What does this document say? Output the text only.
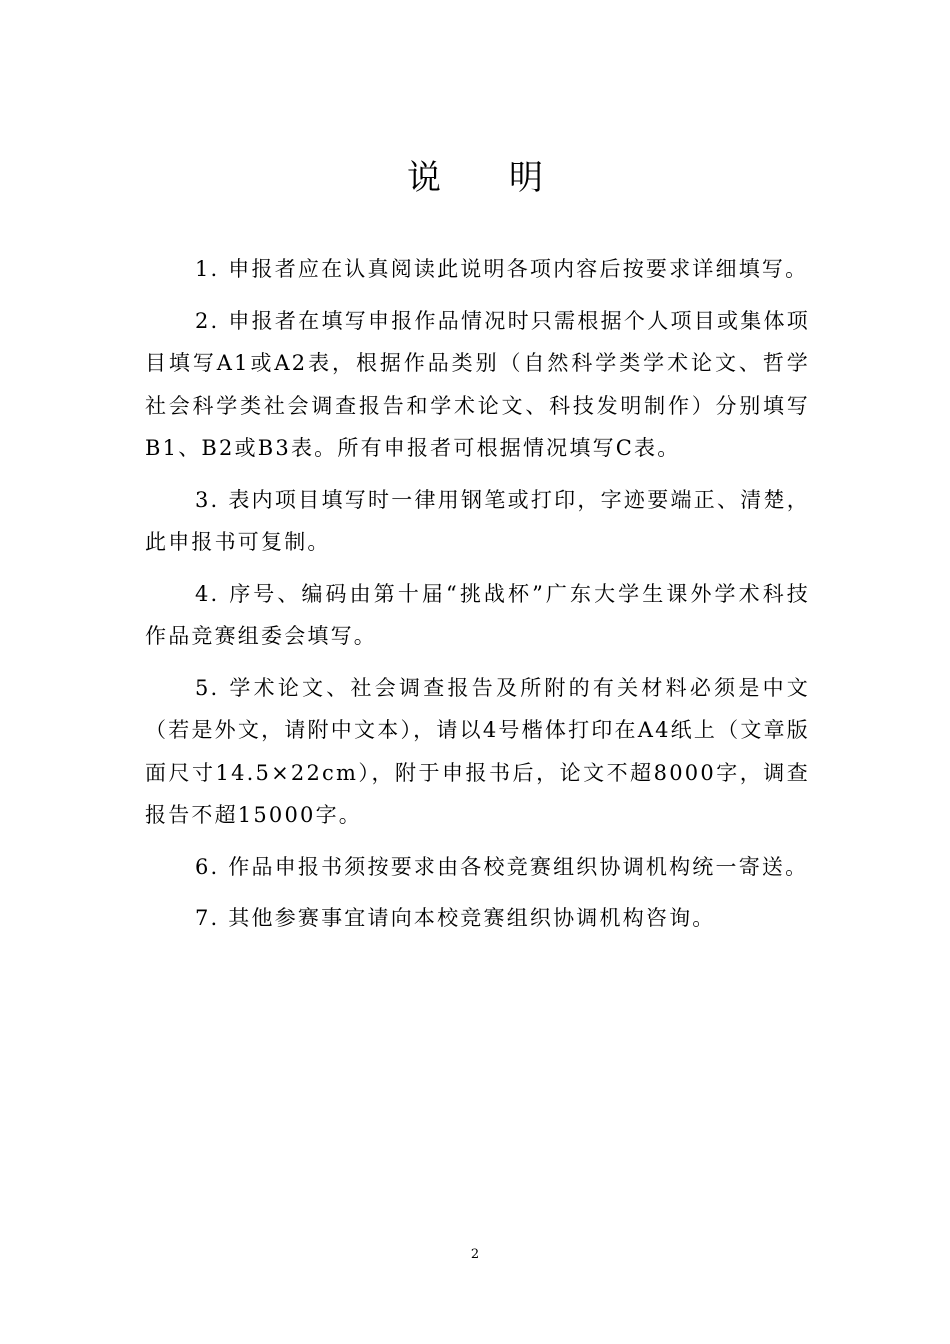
说明

1. 申报者应在认真阅读此说明各项内容后按要求详细填写。

2. 申报者在填写申报作品情况时只需根据个人项目或集体项目填写A1或A2表，根据作品类别（自然科学类学术论文、哲学社会科学类社会调查报告和学术论文、科技发明制作）分别填写B1、B2或B3表。所有申报者可根据情况填写C表。

3. 表内项目填写时一律用钢笔或打印，字迹要端正、清楚，此申报书可复制。

4. 序号、编码由第十届“挑战杯”广东大学生课外学术科技作品竞赛组委会填写。

5. 学术论文、社会调查报告及所附的有关材料必须是中文（若是外文，请附中文本），请以4号楷体打印在A4纸上（文章版面尺寸14.5×22cm），附于申报书后，论文不超8000字，调查报告不超15000字。

6. 作品申报书须按要求由各校竞赛组织协调机构统一寄送。

7. 其他参赛事宜请向本校竞赛组织协调机构咨询。

2
